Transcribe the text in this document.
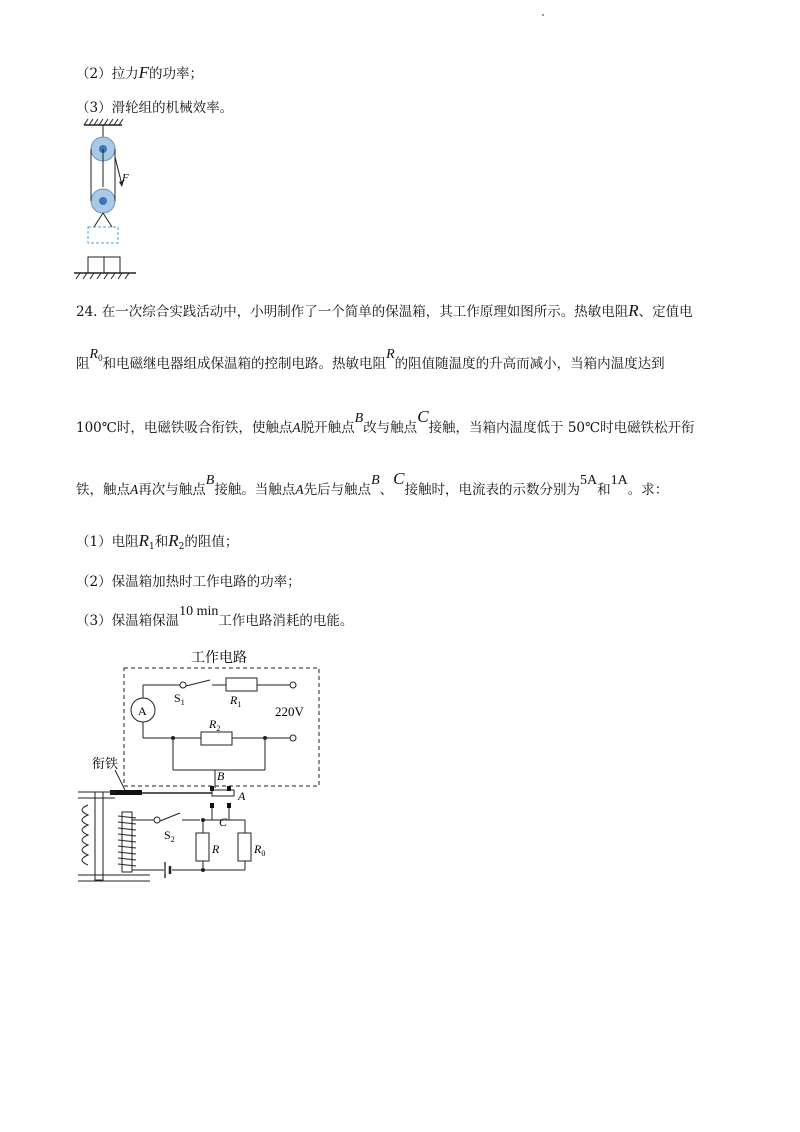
（2）拉力F的功率；
（3）滑轮组的机械效率。
F
24. 在一次综合实践活动中，小明制作了一个简单的保温箱，其工作原理如图所示。热敏电阻R、定值电
阻$R_0$和电磁继电器组成保温箱的控制电路。热敏电阻R的阻值随温度的升高而减小，当箱内温度达到
100℃时，电磁铁吸合衔铁，使触点A脱开触点B改与触点C接触，当箱内温度低于 50℃时电磁铁松开衔
铁，触点A再次与触点B接触。当触点A先后与触点B、C接触时，电流表的示数分别为5A和1A。求：
（1）电阻$R_1$和$R_2$的阻值；
（2）保温箱加热时工作电路的功率；
（3）保温箱保温10 min工作电路消耗的电能。
工作电路
$S_1$	$R_1$
A	220V
$R_2$
B
衔铁
A
$S_2$
C
R	$R_0$
